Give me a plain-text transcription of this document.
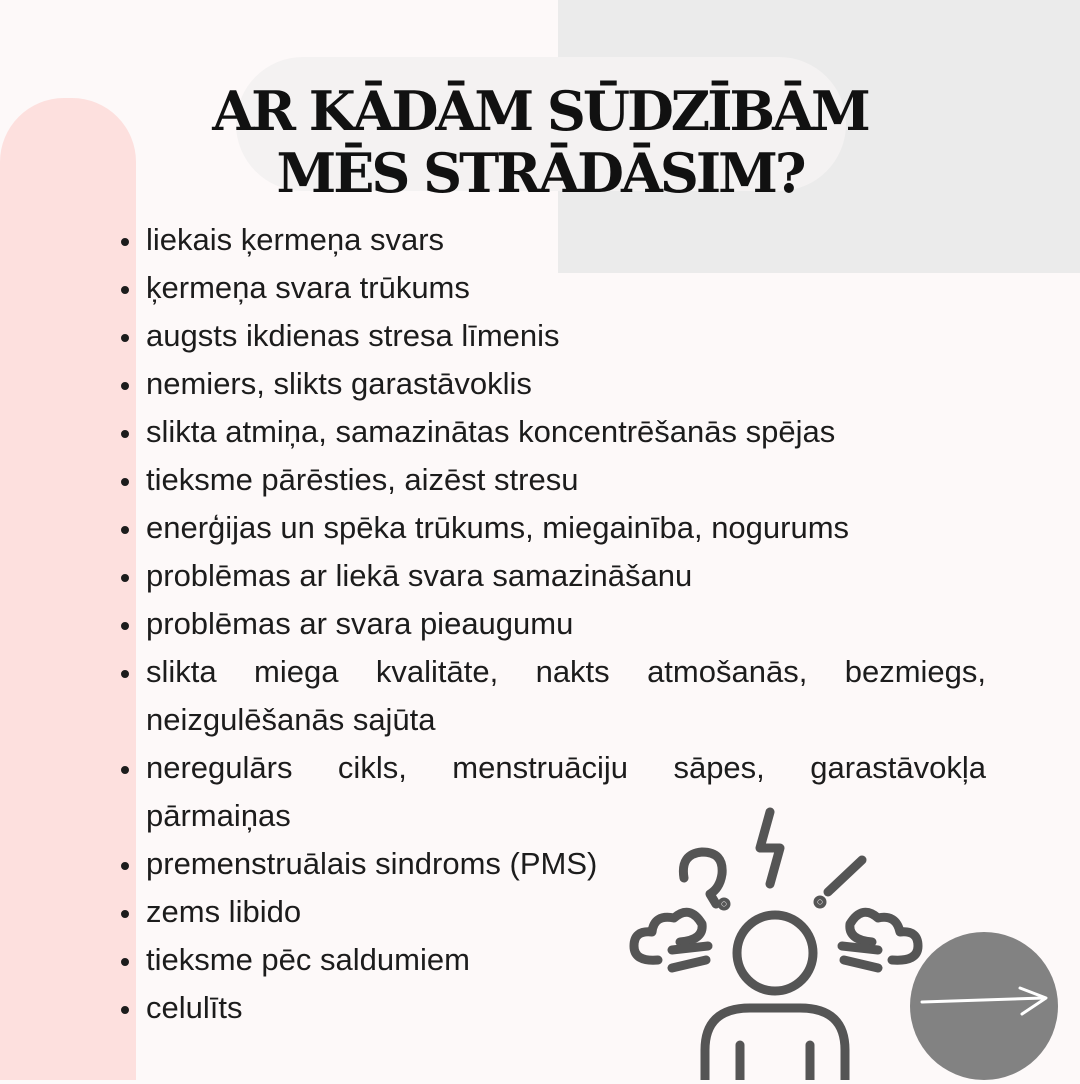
AR KĀDĀM SŪDZĪBĀM
MĒS STRĀDĀSIM?
liekais ķermeņa svars
ķermeņa svara trūkums
augsts ikdienas stresa līmenis
nemiers, slikts garastāvoklis
slikta atmiņa, samazinātas koncentrēšanās spējas
tieksme pārēsties, aizēst stresu
enerģijas un spēka trūkums, miegainība, nogurums
problēmas ar liekā svara samazināšanu
problēmas ar svara pieaugumu
slikta miega kvalitāte, nakts atmošanās, bezmiegs, neizgulēšanās sajūta
neregulārs cikls, menstruāciju sāpes, garastāvokļa pārmaiņas
premenstruālais sindroms (PMS)
zems libido
tieksme pēc saldumiem
celulīts
